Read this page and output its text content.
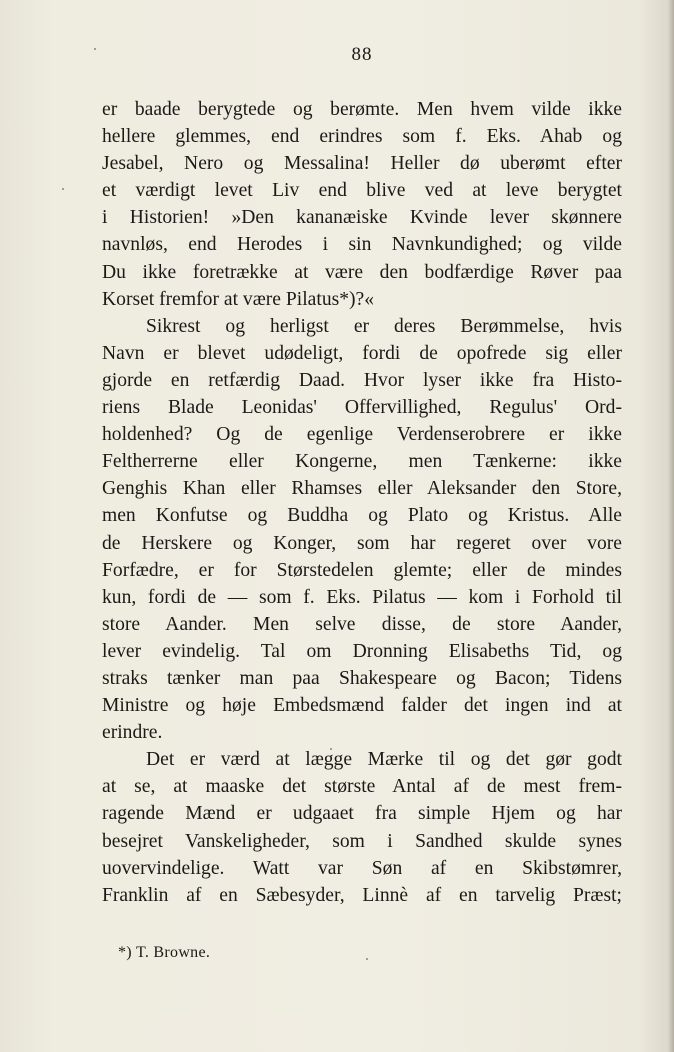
88
er baade berygtede og berømte. Men hvem vilde ikke
hellere glemmes, end erindres som f. Eks. Ahab og
Jesabel, Nero og Messalina! Heller dø uberømt efter
et værdigt levet Liv end blive ved at leve berygtet
i Historien! »Den kananæiske Kvinde lever skønnere
navnløs, end Herodes i sin Navnkundighed; og vilde
Du ikke foretrække at være den bodfærdige Røver paa
Korset fremfor at være Pilatus*)?«
Sikrest og herligst er deres Berømmelse, hvis
Navn er blevet udødeligt, fordi de opofrede sig eller
gjorde en retfærdig Daad. Hvor lyser ikke fra Histo-
riens Blade Leonidas' Offervillighed, Regulus' Ord-
holdenhed? Og de egenlige Verdenserobrere er ikke
Feltherrerne eller Kongerne, men Tænkerne: ikke
Genghis Khan eller Rhamses eller Aleksander den Store,
men Konfutse og Buddha og Plato og Kristus. Alle
de Herskere og Konger, som har regeret over vore
Forfædre, er for Størstedelen glemte; eller de mindes
kun, fordi de — som f. Eks. Pilatus — kom i Forhold til
store Aander. Men selve disse, de store Aander,
lever evindelig. Tal om Dronning Elisabeths Tid, og
straks tænker man paa Shakespeare og Bacon; Tidens
Ministre og høje Embedsmænd falder det ingen ind at
erindre.
Det er værd at lægge Mærke til og det gør godt
at se, at maaske det største Antal af de mest frem-
ragende Mænd er udgaaet fra simple Hjem og har
besejret Vanskeligheder, som i Sandhed skulde synes
uovervindelige. Watt var Søn af en Skibstømrer,
Franklin af en Sæbesyder, Linnè af en tarvelig Præst;
*) T. Browne.
